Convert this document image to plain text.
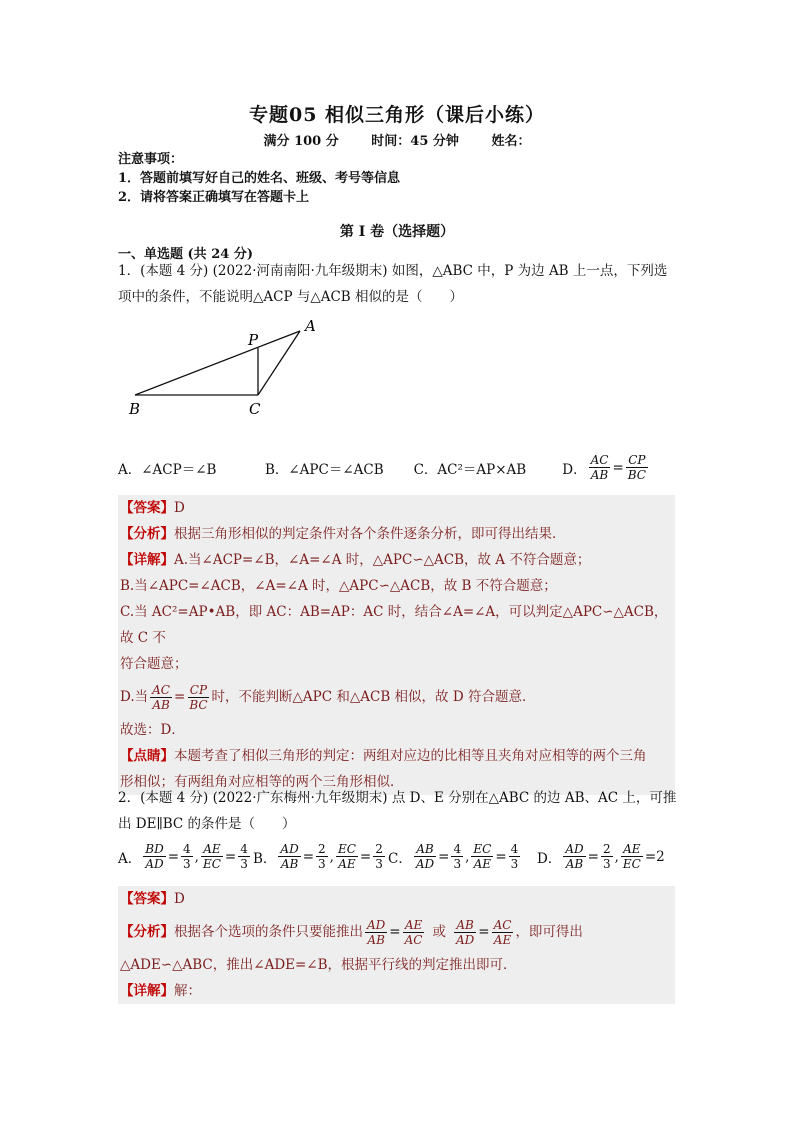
专题05 相似三角形（课后小练）
满分 100 分	时间：45 分钟	姓名：
注意事项：
1．答题前填写好自己的姓名、班级、考号等信息
2．请将答案正确填写在答题卡上
第 I 卷（选择题）
一、单选题 (共 24 分)
1．(本题 4 分) (2022·河南南阳·九年级期末) 如图，△ABC 中，P 为边 AB 上一点，下列选
项中的条件，不能说明△ACP 与△ACB 相似的是（　　）
A
P
B	C
A．∠ACP＝∠B	B．∠APC＝∠ACB C．AC²＝AP×AB	D． $\frac{AC}{AB} = \frac{CP}{BC}$
【答案】 D
【分析】 根据三角形相似的判定条件对各个条件逐条分析，即可得出结果．
【详解】 A.当∠ACP=∠B，∠A=∠A 时，△APC∽△ACB，故 A 不符合题意；
B.当∠APC=∠ACB，∠A=∠A 时，△APC∽△ACB，故 B 不符合题意；
C.当 AC²=AP•AB，即 AC：AB=AP：AC 时，结合∠A=∠A，可以判定△APC∽△ACB，故 C 不
符合题意；
D.当 $\frac{AC}{AB} = \frac{CP}{BC}$ 时，不能判断△APC 和△ACB 相似，故 D 符合题意．
故选：D．
【点睛】 本题考查了相似三角形的判定：两组对应边的比相等且夹角对应相等的两个三角
形相似；有两组角对应相等的两个三角形相似．
2．(本题 4 分) (2022·广东梅州·九年级期末) 点 D、E 分别在△ABC 的边 AB、AC 上，可推
出 DE∥BC 的条件是（　　）
A． $\frac{BD}{AD} = \frac{4}{3}$ , $\frac{AE}{EC} = \frac{4}{3}$ B． $\frac{AD}{AB} = \frac{2}{3}$ , $\frac{EC}{AE} = \frac{2}{3}$ C． $\frac{AB}{AD} = \frac{4}{3}$ , $\frac{EC}{AE} = \frac{4}{3}$ D． $\frac{AD}{AB} = \frac{2}{3}$ , $\frac{AE}{EC} = 2$
【答案】 D
【分析】 根据各个选项的条件只要能推出 $\frac{AD}{AB} = \frac{AE}{AC}$ 或 $\frac{AB}{AD} = \frac{AC}{AE}$ ，即可得出
△ADE∽△ABC，推出∠ADE=∠B，根据平行线的判定推出即可．
【详解】 解：
